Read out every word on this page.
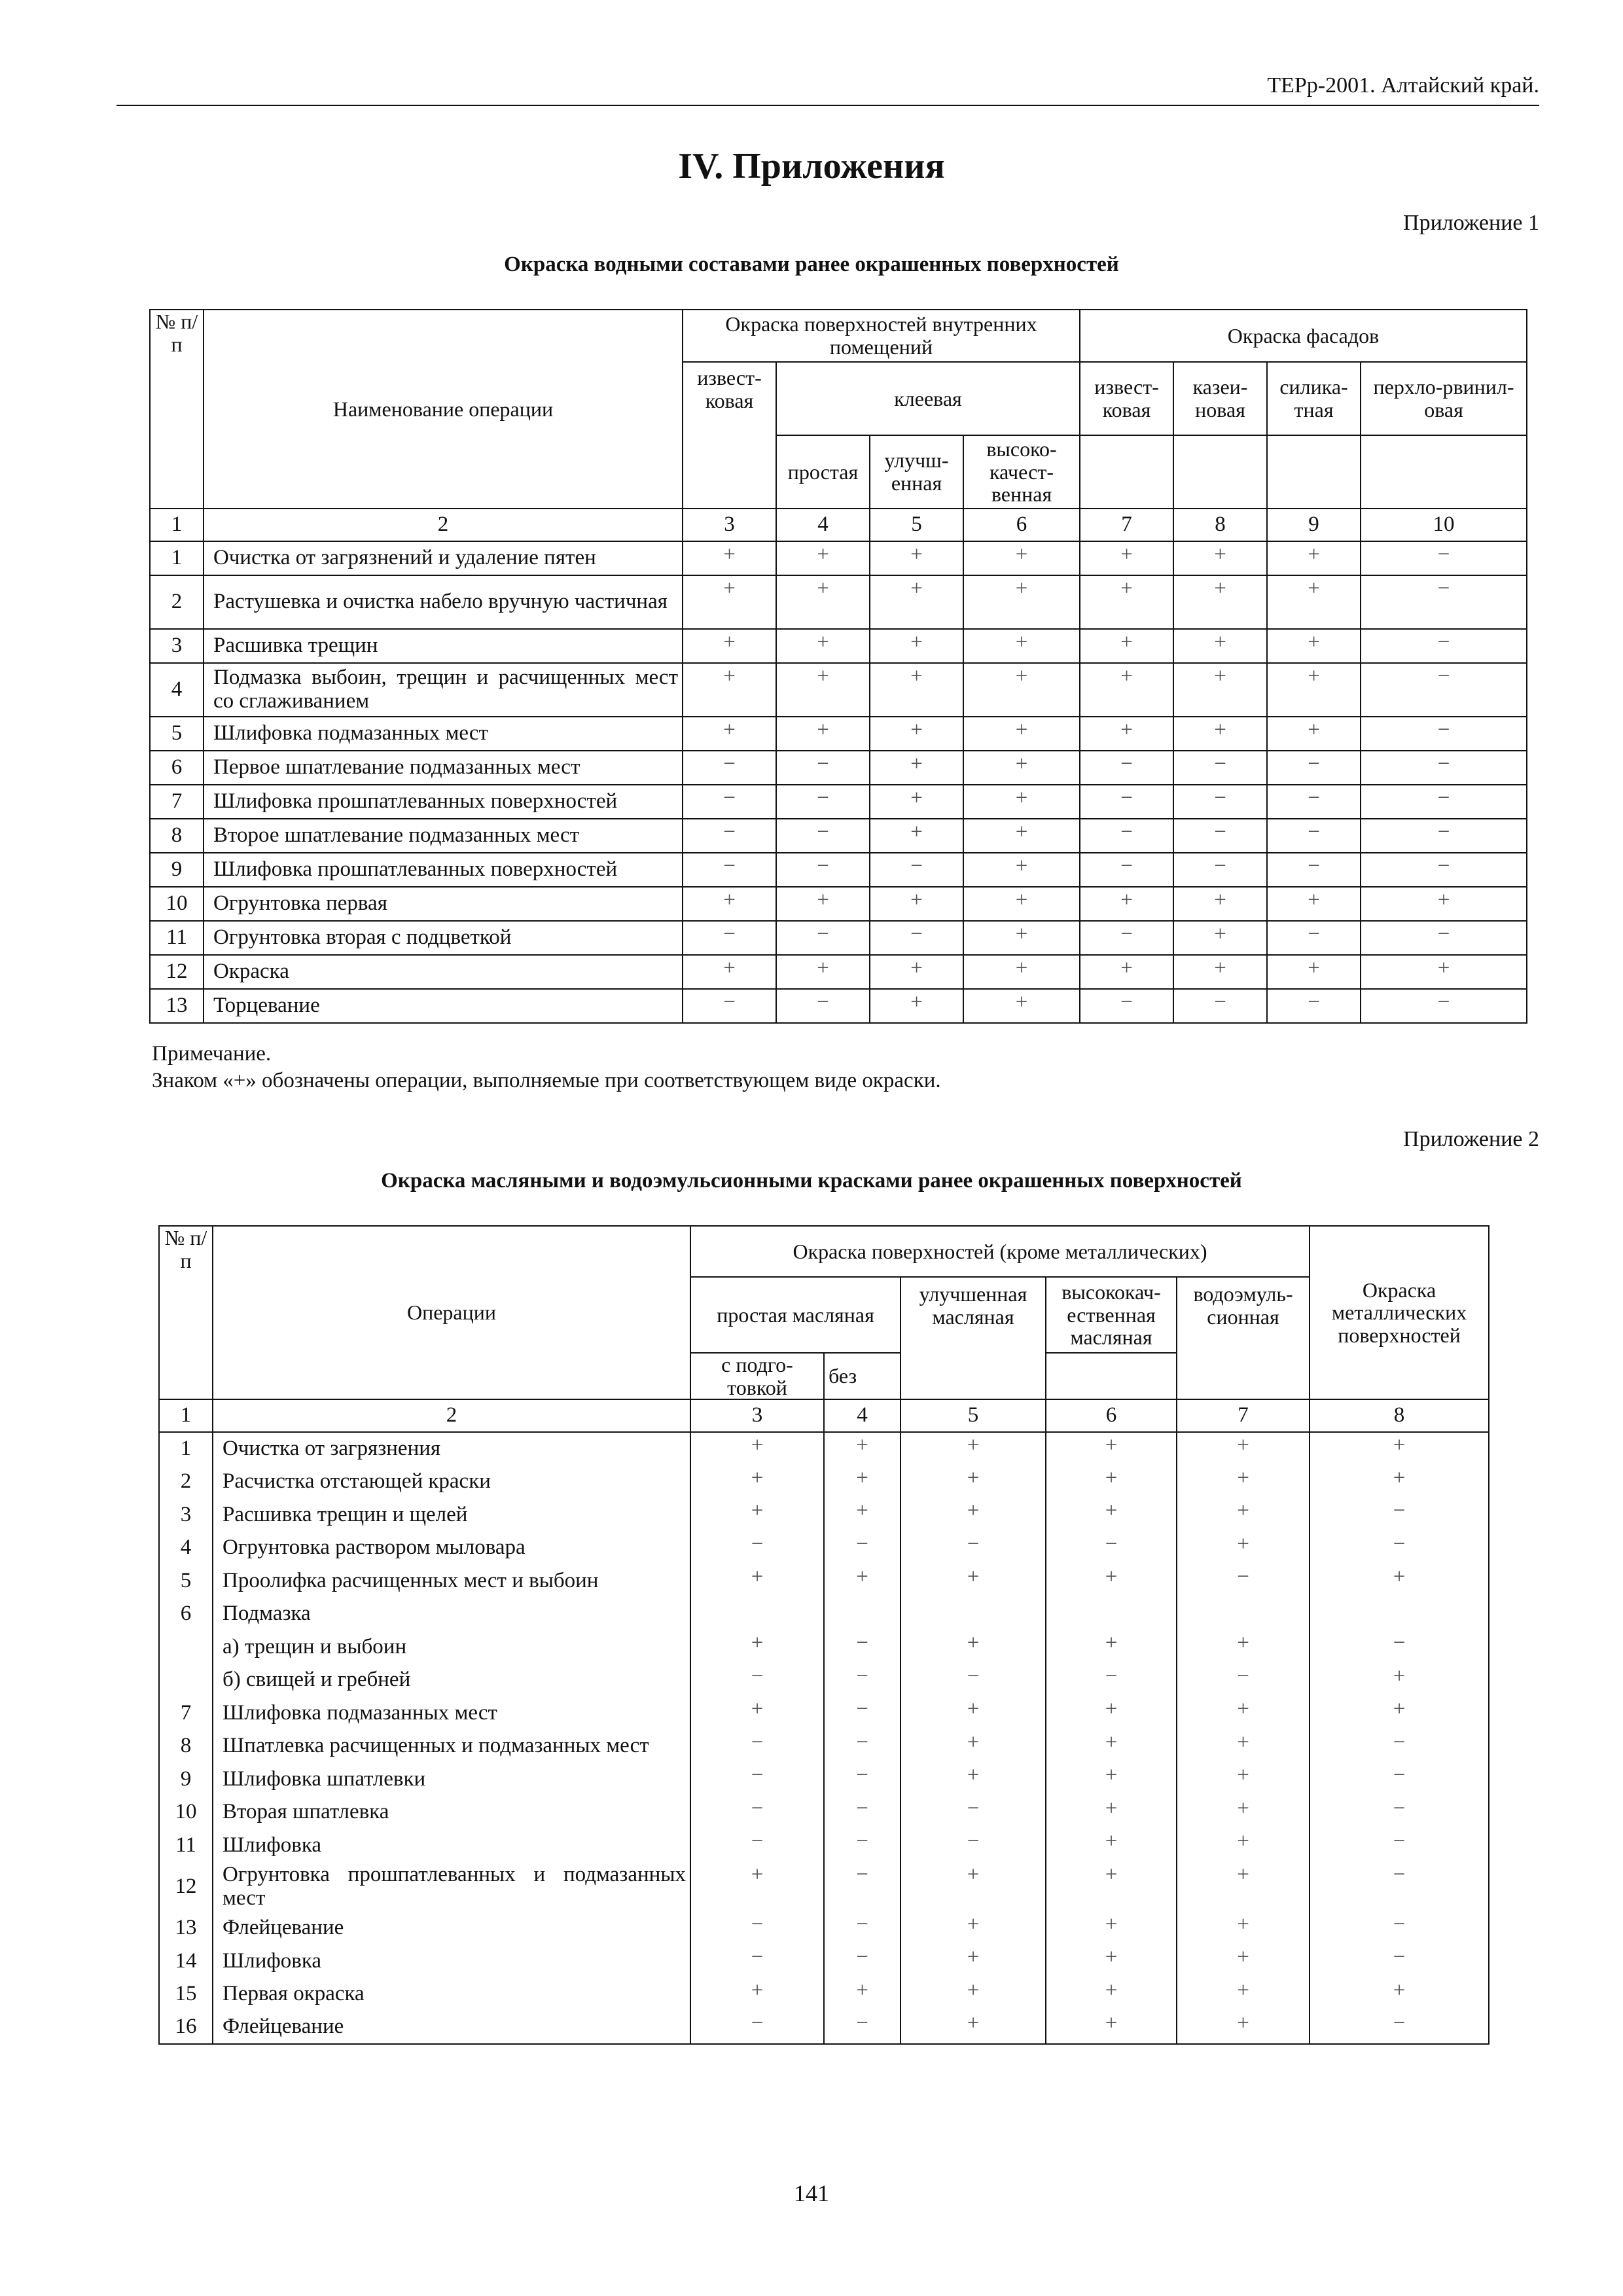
ТЕРр-2001. Алтайский край.
IV. Приложения
Приложение 1
Окраска водными составами ранее окрашенных поверхностей
№ п/п	Наименование операции	Окраска поверхностей внутренних помещений				Окраска фасадов			
		извест-ковая	клеевая			извест-ковая	казеи-новая	силика-тная	перхло-рвинил-овая
			простая	улучш-енная	высоко-качест-венная				
1	2	3	4	5	6	7	8	9	10
1	Очистка от загрязнений и удаление пятен	+	+	+	+	+	+	+	−
2	Растушевка и очистка набело вручную частичная	+	+	+	+	+	+	+	−
3	Расшивка трещин	+	+	+	+	+	+	+	−
4	Подмазка выбоин, трещин и расчищенных мест со сглаживанием	+	+	+	+	+	+	+	−
5	Шлифовка подмазанных мест	+	+	+	+	+	+	+	−
6	Первое шпатлевание подмазанных мест	−	−	+	+	−	−	−	−
7	Шлифовка прошпатлеванных поверхностей	−	−	+	+	−	−	−	−
8	Второе шпатлевание подмазанных мест	−	−	+	+	−	−	−	−
9	Шлифовка прошпатлеванных поверхностей	−	−	−	+	−	−	−	−
10	Огрунтовка первая	+	+	+	+	+	+	+	+
11	Огрунтовка вторая с подцветкой	−	−	−	+	−	+	−	−
12	Окраска	+	+	+	+	+	+	+	+
13	Торцевание	−	−	+	+	−	−	−	−
Примечание.
Знаком «+» обозначены операции, выполняемые при соответствующем виде окраски.
Приложение 2
Окраска масляными и водоэмульсионными красками ранее окрашенных поверхностей
№ п/п	Операции	Окраска поверхностей (кроме металлических)					Окраска металлических поверхностей
		простая масляная		улучшенная масляная	высококач-ественная масляная	водоэмуль-сионная	
		с подго-товкой	без				
1	2	3	4	5	6	7	8
1	Очистка от загрязнения	+	+	+	+	+	+
2	Расчистка отстающей краски	+	+	+	+	+	+
3	Расшивка трещин и щелей	+	+	+	+	+	−
4	Огрунтовка раствором мыловара	−	−	−	−	+	−
5	Проолифка расчищенных мест и выбоин	+	+	+	+	−	+
6	Подмазка						
	а) трещин и выбоин	+	−	+	+	+	−
	б) свищей и гребней	−	−	−	−	−	+
7	Шлифовка подмазанных мест	+	−	+	+	+	+
8	Шпатлевка расчищенных и подмазанных мест	−	−	+	+	+	−
9	Шлифовка шпатлевки	−	−	+	+	+	−
10	Вторая шпатлевка	−	−	−	+	+	−
11	Шлифовка	−	−	−	+	+	−
12	Огрунтовка прошпатлеванных и подмазанных мест	+	−	+	+	+	−
13	Флейцевание	−	−	+	+	+	−
14	Шлифовка	−	−	+	+	+	−
15	Первая окраска	+	+	+	+	+	+
16	Флейцевание	−	−	+	+	+	−
141
